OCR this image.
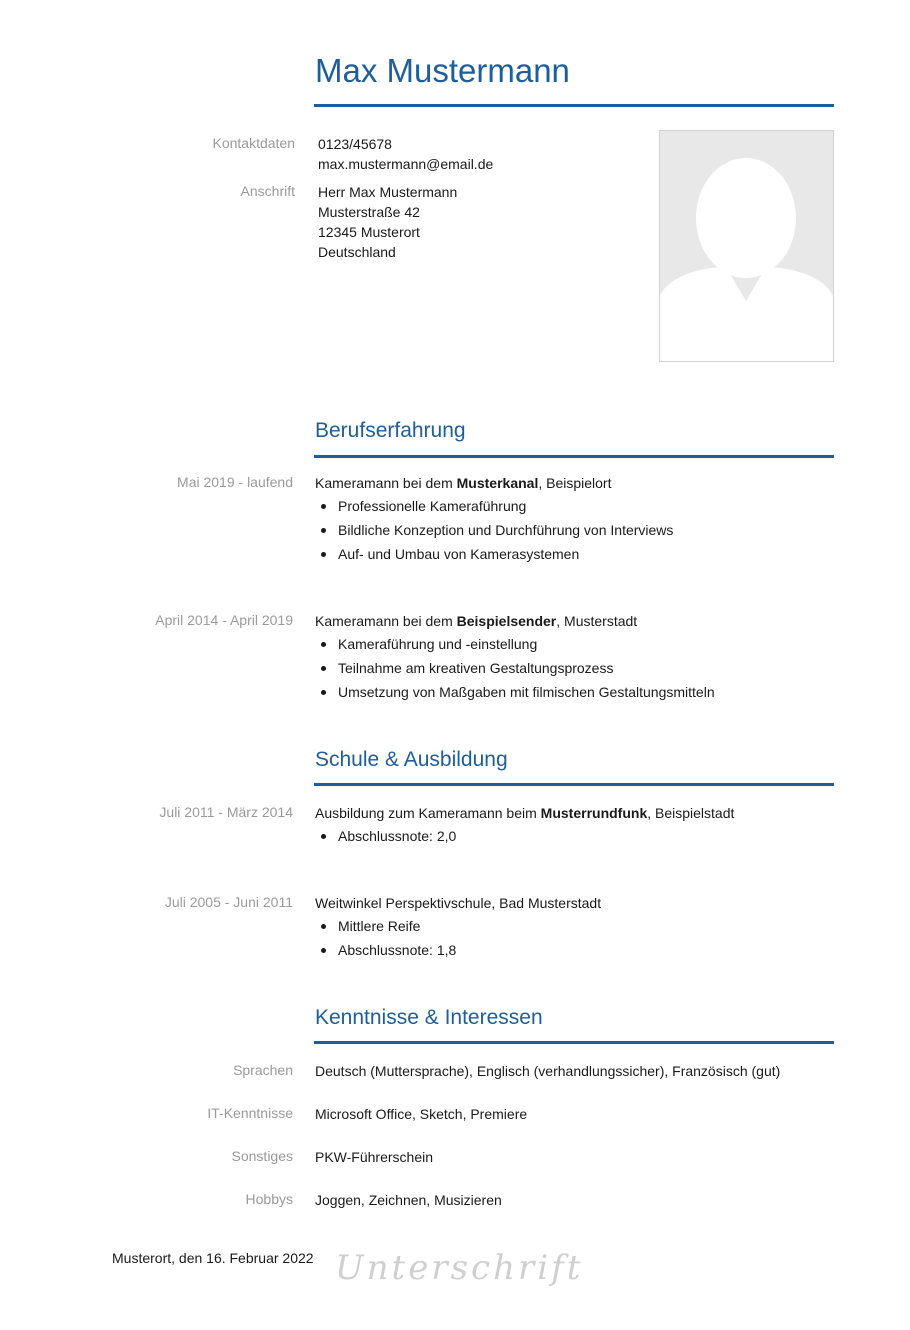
Max Mustermann
Kontaktdaten 0123/45678
max.mustermann@email.de
Anschrift Herr Max Mustermann
Musterstraße 42
12345 Musterort
Deutschland
Berufserfahrung
Mai 2019 - laufend Kameramann bei dem Musterkanal, Beispielort
Professionelle Kameraführung
Bildliche Konzeption und Durchführung von Interviews
Auf- und Umbau von Kamerasystemen
April 2014 - April 2019 Kameramann bei dem Beispielsender, Musterstadt
Kameraführung und -einstellung
Teilnahme am kreativen Gestaltungsprozess
Umsetzung von Maßgaben mit filmischen Gestaltungsmitteln
Schule & Ausbildung
Juli 2011 - März 2014 Ausbildung zum Kameramann beim Musterrundfunk, Beispielstadt
Abschlussnote: 2,0
Juli 2005 - Juni 2011 Weitwinkel Perspektivschule, Bad Musterstadt
Mittlere Reife
Abschlussnote: 1,8
Kenntnisse & Interessen
Sprachen Deutsch (Muttersprache), Englisch (verhandlungssicher), Französisch (gut)
IT-Kenntnisse Microsoft Office, Sketch, Premiere
Sonstiges PKW-Führerschein
Hobbys Joggen, Zeichnen, Musizieren
Musterort, den 16. Februar 2022 Unterschrift
